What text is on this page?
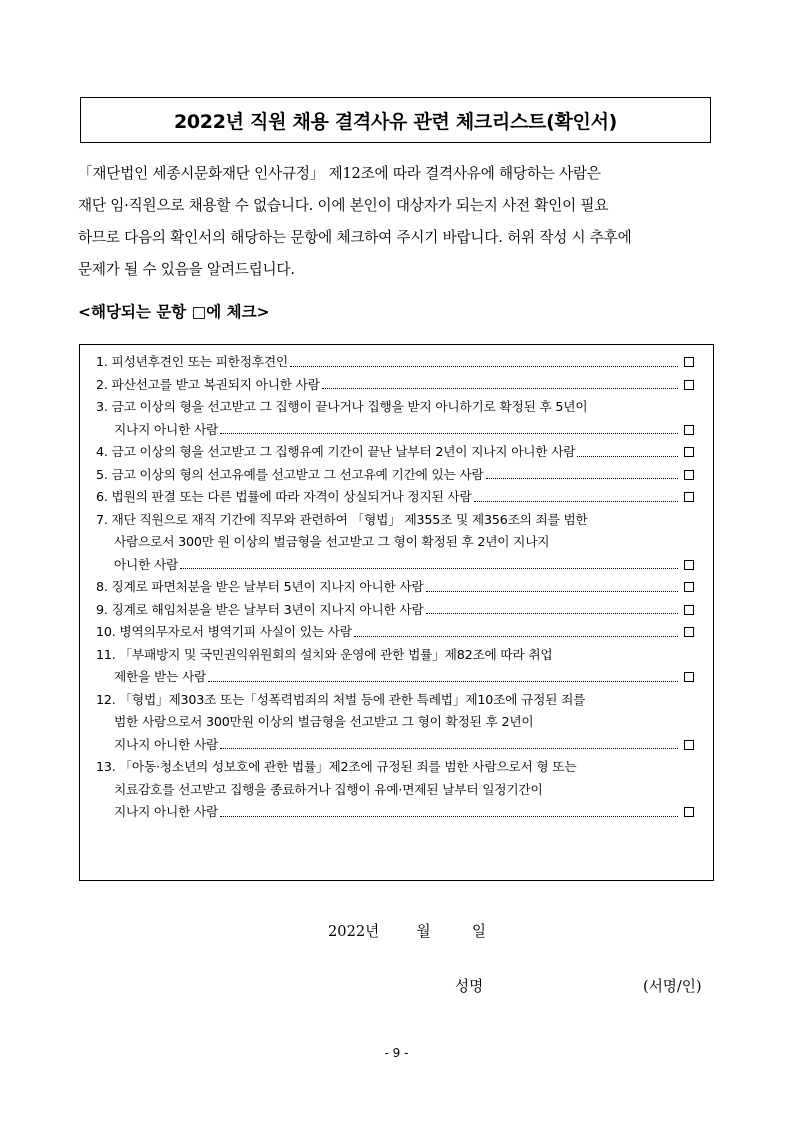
2022년 직원 채용 결격사유 관련 체크리스트(확인서)
「재단법인 세종시문화재단 인사규정」 제12조에 따라 결격사유에 해당하는 사람은
재단 임·직원으로 채용할 수 없습니다. 이에 본인이 대상자가 되는지 사전 확인이 필요
하므로 다음의 확인서의 해당하는 문항에 체크하여 주시기 바랍니다. 허위 작성 시 추후에
문제가 될 수 있음을 알려드립니다.
<해당되는 문항 □에 체크>
1. 피성년후견인 또는 피한정후견인
2. 파산선고를 받고 복권되지 아니한 사람
3. 금고 이상의 형을 선고받고 그 집행이 끝나거나 집행을 받지 아니하기로 확정된 후 5년이
지나지 아니한 사람
4. 금고 이상의 형을 선고받고 그 집행유예 기간이 끝난 날부터 2년이 지나지 아니한 사람
5. 금고 이상의 형의 선고유예를 선고받고 그 선고유예 기간에 있는 사람
6. 법원의 판결 또는 다른 법률에 따라 자격이 상실되거나 정지된 사람
7. 재단 직원으로 재직 기간에 직무와 관련하여 「형법」 제355조 및 제356조의 죄를 범한
사람으로서 300만 원 이상의 벌금형을 선고받고 그 형이 확정된 후 2년이 지나지
아니한 사람
8. 징계로 파면처분을 받은 날부터 5년이 지나지 아니한 사람
9. 징계로 해임처분을 받은 날부터 3년이 지나지 아니한 사람
10. 병역의무자로서 병역기피 사실이 있는 사람
11. 「부패방지 및 국민권익위원회의 설치와 운영에 관한 법률」제82조에 따라 취업
제한을 받는 사람
12. 「형법」제303조 또는「성폭력범죄의 처벌 등에 관한 특례법」제10조에 규정된 죄를
범한 사람으로서 300만원 이상의 벌금형을 선고받고 그 형이 확정된 후 2년이
지나지 아니한 사람
13. 「아동·청소년의 성보호에 관한 법률」제2조에 규정된 죄를 범한 사람으로서 형 또는
치료감호를 선고받고 집행을 종료하거나 집행이 유예·면제된 날부터 일정기간이
지나지 아니한 사람
2022년	월	일
성명	(서명/인)
- 9 -
